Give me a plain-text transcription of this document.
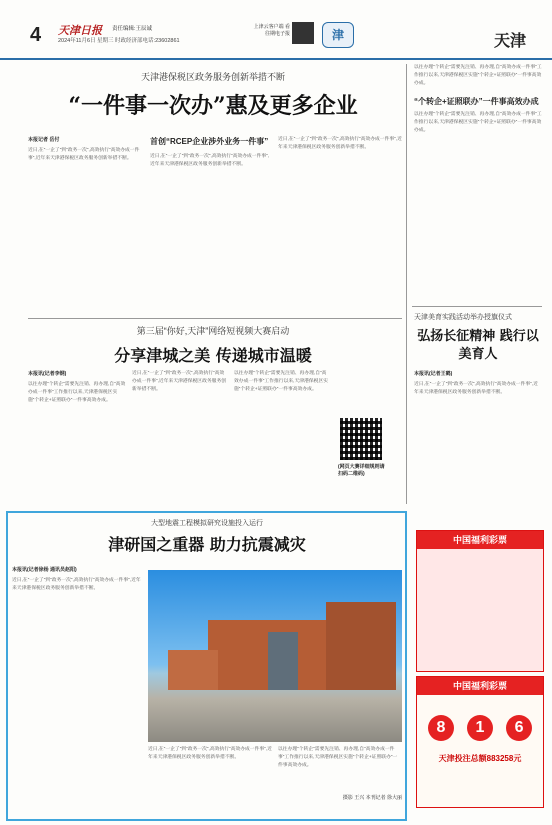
4 天津日报 责任编辑:王辰诚
2024年11月6日 星期三 时政经济部电话:23602861
上津云客户端 看往期电子报	津	天津
天津港保税区政务服务创新举措不断
“一件事一次办”惠及更多企业
本报记者 岳付
近日,在“一企了”到“政务一次”,高效执行“高效办成一件事”,近年来天津港保税区政务服务创新举措不断。
首创“RCEP企业涉外业务一件事”
近日,在“一企了”到“政务一次”,高效执行“高效办成一件事”,近年来天津港保税区政务服务创新举措不断。
近日,在“一企了”到“政务一次”,高效执行“高效办成一件事”,近年来天津港保税区政务服务创新举措不断。
以往办理“个转企”需要先注销、再办理,自“高效办成一件事”工作推行以来,天津港保税区实施“个转企+证照联办”一件事高效办成。
“个转企+证照联办”一件事高效办成
以往办理“个转企”需要先注销、再办理,自“高效办成一件事”工作推行以来,天津港保税区实施“个转企+证照联办”一件事高效办成。
第三届“你好,天津”网络短视频大赛启动
分享津城之美 传递城市温暖
本报讯(记者李钢)
以往办理“个转企”需要先注销、再办理,自“高效办成一件事”工作推行以来,天津港保税区实施“个转企+证照联办”一件事高效办成。
近日,在“一企了”到“政务一次”,高效执行“高效办成一件事”,近年来天津港保税区政务服务创新举措不断。
以往办理“个转企”需要先注销、再办理,自“高效办成一件事”工作推行以来,天津港保税区实施“个转企+证照联办”一件事高效办成。
(网页大赛详细规则请扫码二维码)
天津美育实践活动举办授旗仪式
弘扬长征精神 践行以美育人
本报讯(记者王鹤)
近日,在“一企了”到“政务一次”,高效执行“高效办成一件事”,近年来天津港保税区政务服务创新举措不断。
大型地震工程模拟研究设施投入运行
津研国之重器 助力抗震减灾
本报讯(记者徐杨 通讯员赵阳)
近日,在“一企了”到“政务一次”,高效执行“高效办成一件事”,近年来天津港保税区政务服务创新举措不断。
近日,在“一企了”到“政务一次”,高效执行“高效办成一件事”,近年来天津港保税区政务服务创新举措不断。
以往办理“个转企”需要先注销、再办理,自“高效办成一件事”工作推行以来,天津港保税区实施“个转企+证照联办”一件事高效办成。
摄影 王兴 本刊记者 徐大丽
中国福利彩票
中国福利彩票
8 1 6
天津投注总额883258元
